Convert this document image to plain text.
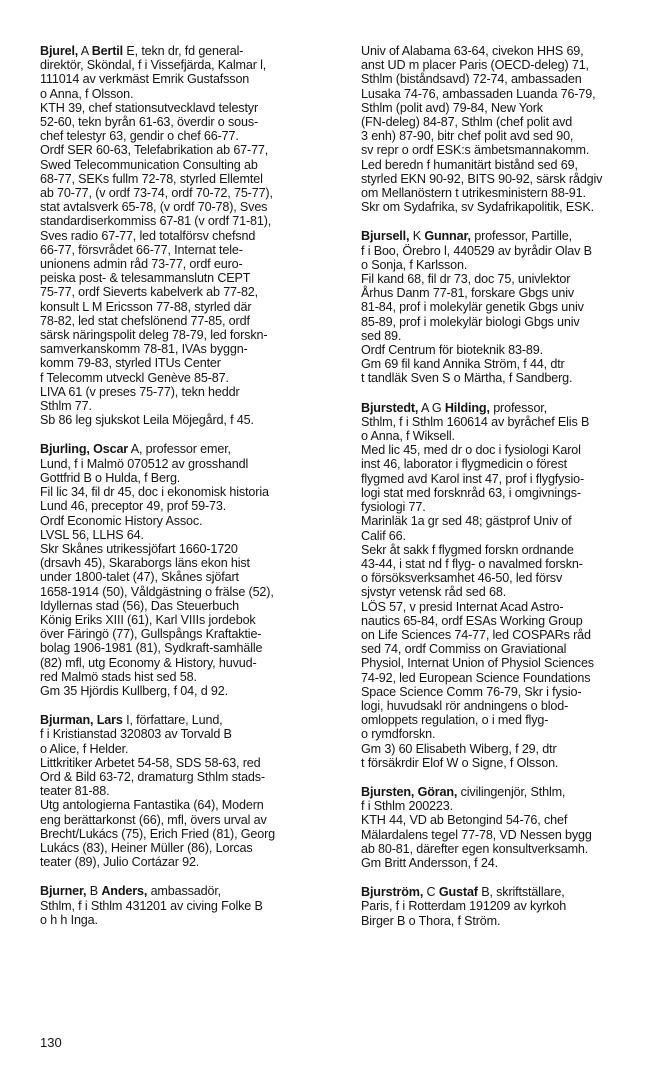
Bjurel, A Bertil E, tekn dr, fd general-
direktör, Sköndal, f i Vissefjärda, Kalmar l,
111014 av verkmäst Emrik Gustafsson
o Anna, f Olsson.
KTH 39, chef stationsutvecklavd telestyr
52-60, tekn byrån 61-63, överdir o sous-
chef telestyr 63, gendir o chef 66-77.
Ordf SER 60-63, Telefabrikation ab 67-77,
Swed Telecommunication Consulting ab
68-77, SEKs fullm 72-78, styrled Ellemtel
ab 70-77, (v ordf 73-74, ordf 70-72, 75-77),
stat avtalsverk 65-78, (v ordf 70-78), Sves
standardiserkommiss 67-81 (v ordf 71-81),
Sves radio 67-77, led totalförsv chefsnd
66-77, försvrådet 66-77, Internat tele-
unionens admin råd 73-77, ordf euro-
peiska post- & telesammanslutn CEPT
75-77, ordf Sieverts kabelverk ab 77-82,
konsult L M Ericsson 77-88, styrled där
78-82, led stat chefslönend 77-85, ordf
särsk näringspolit deleg 78-79, led forskn-
samverkanskomm 78-81, IVAs byggn-
komm 79-83, styrled ITUs Center
f Telecomm utveckl Genève 85-87.
LIVA 61 (v preses 75-77), tekn heddr
Sthlm 77.
Sb 86 leg sjukskot Leila Möjegård, f 45.
Bjurling, Oscar A, professor emer,
Lund, f i Malmö 070512 av grosshandl
Gottfrid B o Hulda, f Berg.
Fil lic 34, fil dr 45, doc i ekonomisk historia
Lund 46, preceptor 49, prof 59-73.
Ordf Economic History Assoc.
LVSL 56, LLHS 64.
Skr Skånes utrikessjöfart 1660-1720
(drsavh 45), Skaraborgs läns ekon hist
under 1800-talet (47), Skånes sjöfart
1658-1914 (50), Våldgästning o frälse (52),
Idyllernas stad (56), Das Steuerbuch
König Eriks XIII (61), Karl VIIIs jordebok
över Färingö (77), Gullspångs Kraftaktie-
bolag 1906-1981 (81), Sydkraft-samhälle
(82) mfl, utg Economy & History, huvud-
red Malmö stads hist sed 58.
Gm 35 Hjördis Kullberg, f 04, d 92.
Bjurman, Lars I, författare, Lund,
f i Kristianstad 320803 av Torvald B
o Alice, f Helder.
Littkritiker Arbetet 54-58, SDS 58-63, red
Ord & Bild 63-72, dramaturg Sthlm stads-
teater 81-88.
Utg antologierna Fantastika (64), Modern
eng berättarkonst (66), mfl, övers urval av
Brecht/Lukács (75), Erich Fried (81), Georg
Lukács (83), Heiner Müller (86), Lorcas
teater (89), Julio Cortázar 92.
Bjurner, B Anders, ambassadör,
Sthlm, f i Sthlm 431201 av civing Folke B
o h h Inga.
Univ of Alabama 63-64, civekon HHS 69,
anst UD m placer Paris (OECD-deleg) 71,
Sthlm (biståndsavd) 72-74, ambassaden
Lusaka 74-76, ambassaden Luanda 76-79,
Sthlm (polit avd) 79-84, New York
(FN-deleg) 84-87, Sthlm (chef polit avd
3 enh) 87-90, bitr chef polit avd sed 90,
sv repr o ordf ESK:s ämbetsmannakomm.
Led beredn f humanitärt bistånd sed 69,
styrled EKN 90-92, BITS 90-92, särsk rådgiv
om Mellanöstern t utrikesministern 88-91.
Skr om Sydafrika, sv Sydafrikapolitik, ESK.
Bjursell, K Gunnar, professor, Partille,
f i Boo, Örebro l, 440529 av byrådir Olav B
o Sonja, f Karlsson.
Fil kand 68, fil dr 73, doc 75, univlektor
Århus Danm 77-81, forskare Gbgs univ
81-84, prof i molekylär genetik Gbgs univ
85-89, prof i molekylär biologi Gbgs univ
sed 89.
Ordf Centrum för bioteknik 83-89.
Gm 69 fil kand Annika Ström, f 44, dtr
t tandläk Sven S o Märtha, f Sandberg.
Bjurstedt, A G Hilding, professor,
Sthlm, f i Sthlm 160614 av byråchef Elis B
o Anna, f Wiksell.
Med lic 45, med dr o doc i fysiologi Karol
inst 46, laborator i flygmedicin o förest
flygmed avd Karol inst 47, prof i flygfysio-
logi stat med forsknråd 63, i omgivnings-
fysiologi 77.
Marinläk 1a gr sed 48; gästprof Univ of
Calif 66.
Sekr åt sakk f flygmed forskn ordnande
43-44, i stat nd f flyg- o navalmed forskn-
o försöksverksamhet 46-50, led försv
sjvstyr vetensk råd sed 68.
LÖS 57, v presid Internat Acad Astro-
nautics 65-84, ordf ESAs Working Group
on Life Sciences 74-77, led COSPARs råd
sed 74, ordf Commiss on Graviational
Physiol, Internat Union of Physiol Sciences
74-92, led European Science Foundations
Space Science Comm 76-79, Skr i fysio-
logi, huvudsakl rör andningens o blod-
omloppets regulation, o i med flyg-
o rymdforskn.
Gm 3) 60 Elisabeth Wiberg, f 29, dtr
t försäkrdir Elof W o Signe, f Olsson.
Bjursten, Göran, civilingenjör, Sthlm,
f i Sthlm 200223.
KTH 44, VD ab Betongind 54-76, chef
Mälardalens tegel 77-78, VD Nessen bygg
ab 80-81, därefter egen konsultverksamh.
Gm Britt Andersson, f 24.
Bjurström, C Gustaf B, skriftställare,
Paris, f i Rotterdam 191209 av kyrkoh
Birger B o Thora, f Ström.
130
